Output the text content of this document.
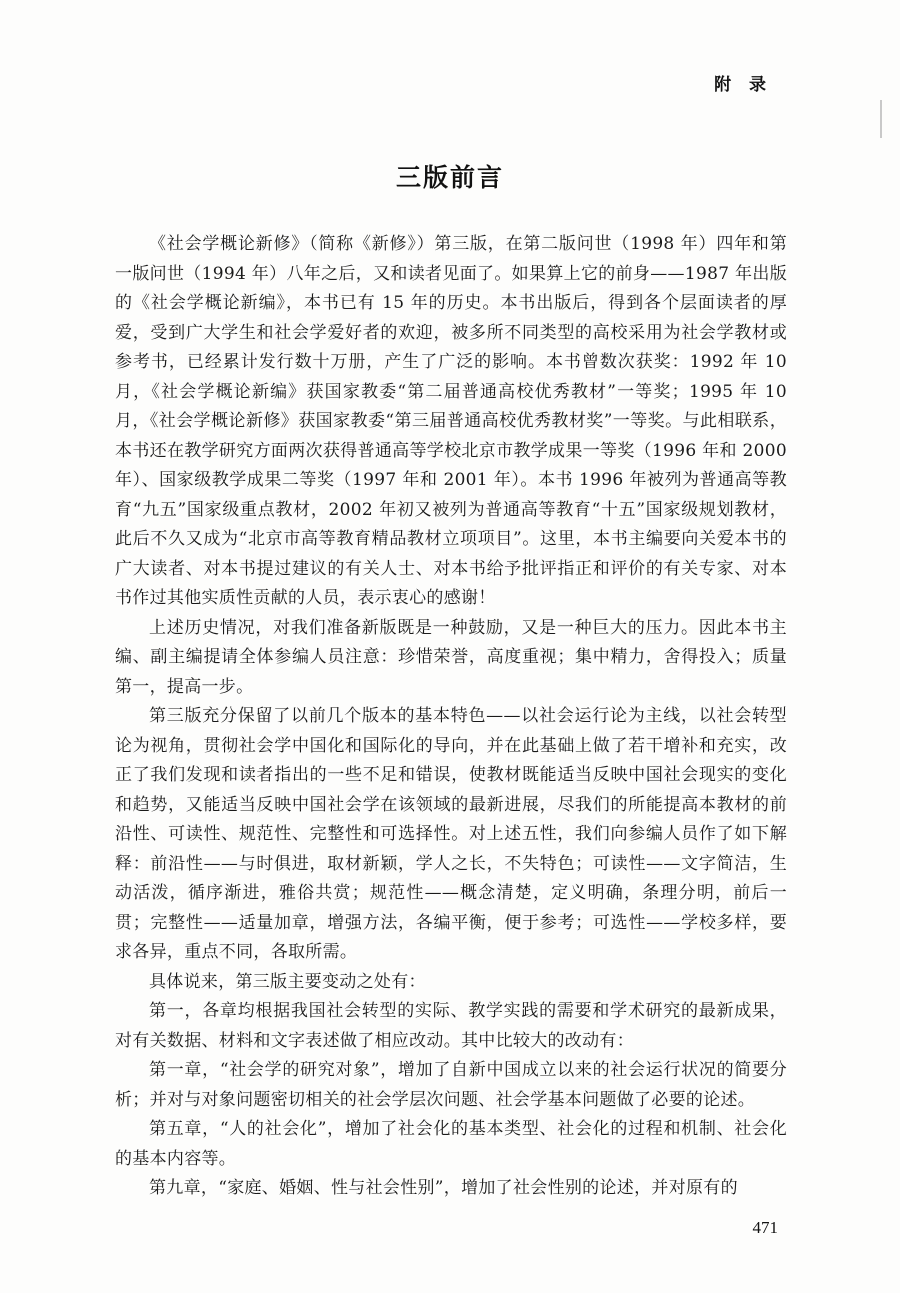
附 录
三版前言

《社会学概论新修》（简称《新修》）第三版，在第二版问世（1998 年）四年和第一版问世（1994 年）八年之后，又和读者见面了。如果算上它的前身——1987 年出版的《社会学概论新编》，本书已有 15 年的历史。本书出版后，得到各个层面读者的厚爱，受到广大学生和社会学爱好者的欢迎，被多所不同类型的高校采用为社会学教材或参考书，已经累计发行数十万册，产生了广泛的影响。本书曾数次获奖：1992 年 10 月，《社会学概论新编》获国家教委“第二届普通高校优秀教材”一等奖；1995 年 10 月，《社会学概论新修》获国家教委“第三届普通高校优秀教材奖”一等奖。与此相联系，本书还在教学研究方面两次获得普通高等学校北京市教学成果一等奖（1996 年和 2000 年）、国家级教学成果二等奖（1997 年和 2001 年）。本书 1996 年被列为普通高等教育“九五”国家级重点教材，2002 年初又被列为普通高等教育“十五”国家级规划教材，此后不久又成为“北京市高等教育精品教材立项项目”。这里，本书主编要向关爱本书的广大读者、对本书提过建议的有关人士、对本书给予批评指正和评价的有关专家、对本书作过其他实质性贡献的人员，表示衷心的感谢！

上述历史情况，对我们准备新版既是一种鼓励，又是一种巨大的压力。因此本书主编、副主编提请全体参编人员注意：珍惜荣誉，高度重视；集中精力，舍得投入；质量第一，提高一步。

第三版充分保留了以前几个版本的基本特色——以社会运行论为主线，以社会转型论为视角，贯彻社会学中国化和国际化的导向，并在此基础上做了若干增补和充实，改正了我们发现和读者指出的一些不足和错误，使教材既能适当反映中国社会现实的变化和趋势，又能适当反映中国社会学在该领域的最新进展，尽我们的所能提高本教材的前沿性、可读性、规范性、完整性和可选择性。对上述五性，我们向参编人员作了如下解释：前沿性——与时俱进，取材新颖，学人之长，不失特色；可读性——文字简洁，生动活泼，循序渐进，雅俗共赏；规范性——概念清楚，定义明确，条理分明，前后一贯；完整性——适量加章，增强方法，各编平衡，便于参考；可选性——学校多样，要求各异，重点不同，各取所需。

具体说来，第三版主要变动之处有：

第一，各章均根据我国社会转型的实际、教学实践的需要和学术研究的最新成果，对有关数据、材料和文字表述做了相应改动。其中比较大的改动有：

第一章，“社会学的研究对象”，增加了自新中国成立以来的社会运行状况的简要分析；并对与对象问题密切相关的社会学层次问题、社会学基本问题做了必要的论述。

第五章，“人的社会化”，增加了社会化的基本类型、社会化的过程和机制、社会化的基本内容等。

第九章，“家庭、婚姻、性与社会性别”，增加了社会性别的论述，并对原有的

471
